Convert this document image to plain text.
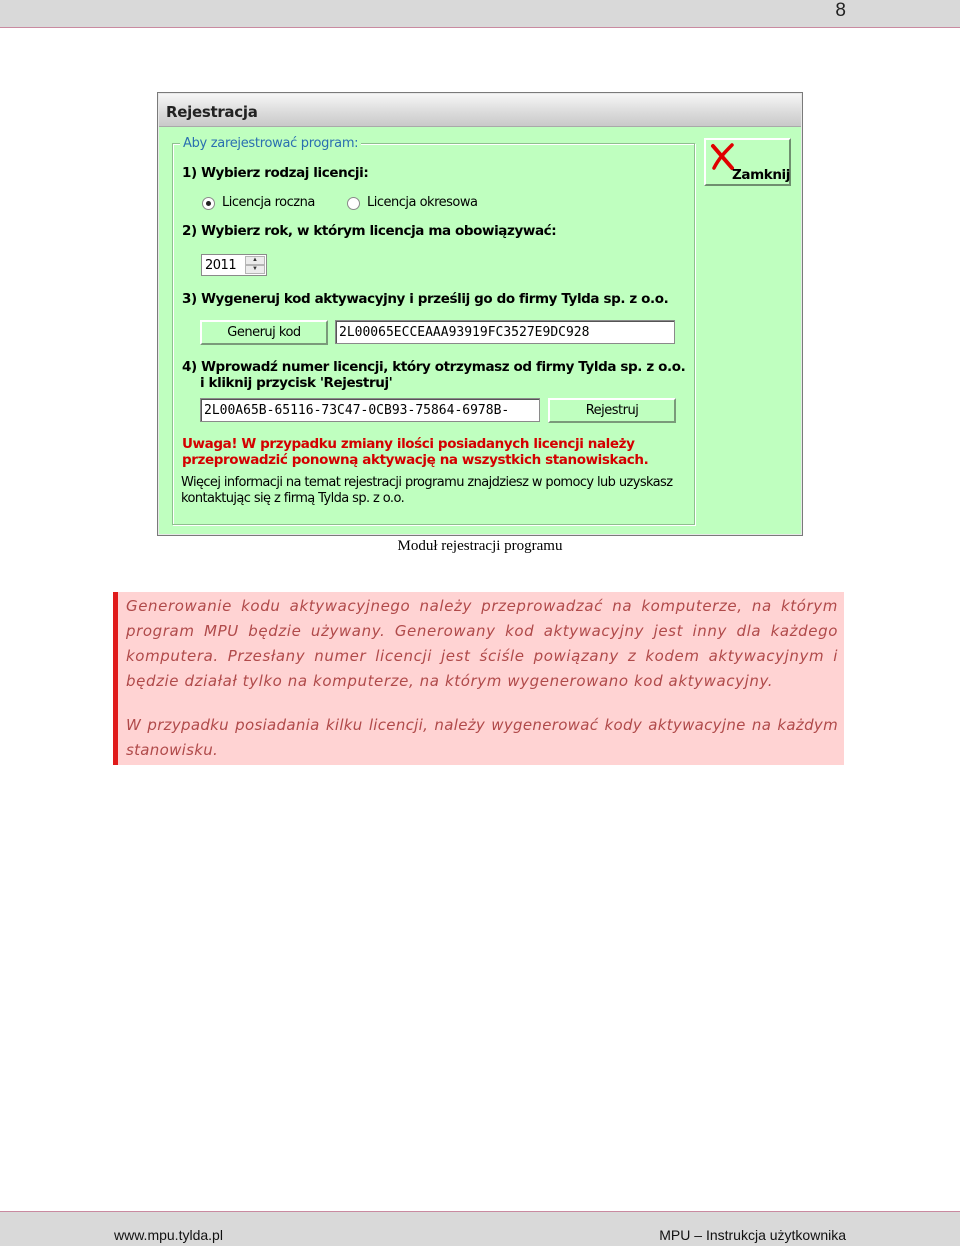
8
Rejestracja
Aby zarejestrować program:
1) Wybierz rodzaj licencji:
Licencja roczna	Licencja okresowa
2) Wybierz rok, w którym licencja ma obowiązywać:
2011	▲
▼
3) Wygeneruj kod aktywacyjny i prześlij go do firmy Tylda sp. z o.o.
Generuj kod	2L00065ECCEAAA93919FC3527E9DC928
4) Wprowadź numer licencji, który otrzymasz od firmy Tylda sp. z o.o.
i kliknij przycisk 'Rejestruj'
2L00A65B-65116-73C47-0CB93-75864-6978B-	Rejestruj
Uwaga! W przypadku zmiany ilości posiadanych licencji należy
przeprowadzić ponowną aktywację na wszystkich stanowiskach.
Więcej informacji na temat rejestracji programu znajdziesz w pomocy lub uzyskasz
kontaktując się z firmą Tylda sp. z o.o.
Zamknij
Moduł rejestracji programu

Generowanie kodu aktywacyjnego należy przeprowadzać na komputerze, na którym program MPU będzie używany. Generowany kod aktywacyjny jest inny dla każdego komputera. Przesłany numer licencji jest ściśle powiązany z kodem aktywacyjnym i będzie działał tylko na komputerze, na którym wygenerowano kod aktywacyjny.

W przypadku posiadania kilku licencji, należy wygenerować kody aktywacyjne na każdym stanowisku.

www.mpu.tylda.pl	MPU – Instrukcja użytkownika
